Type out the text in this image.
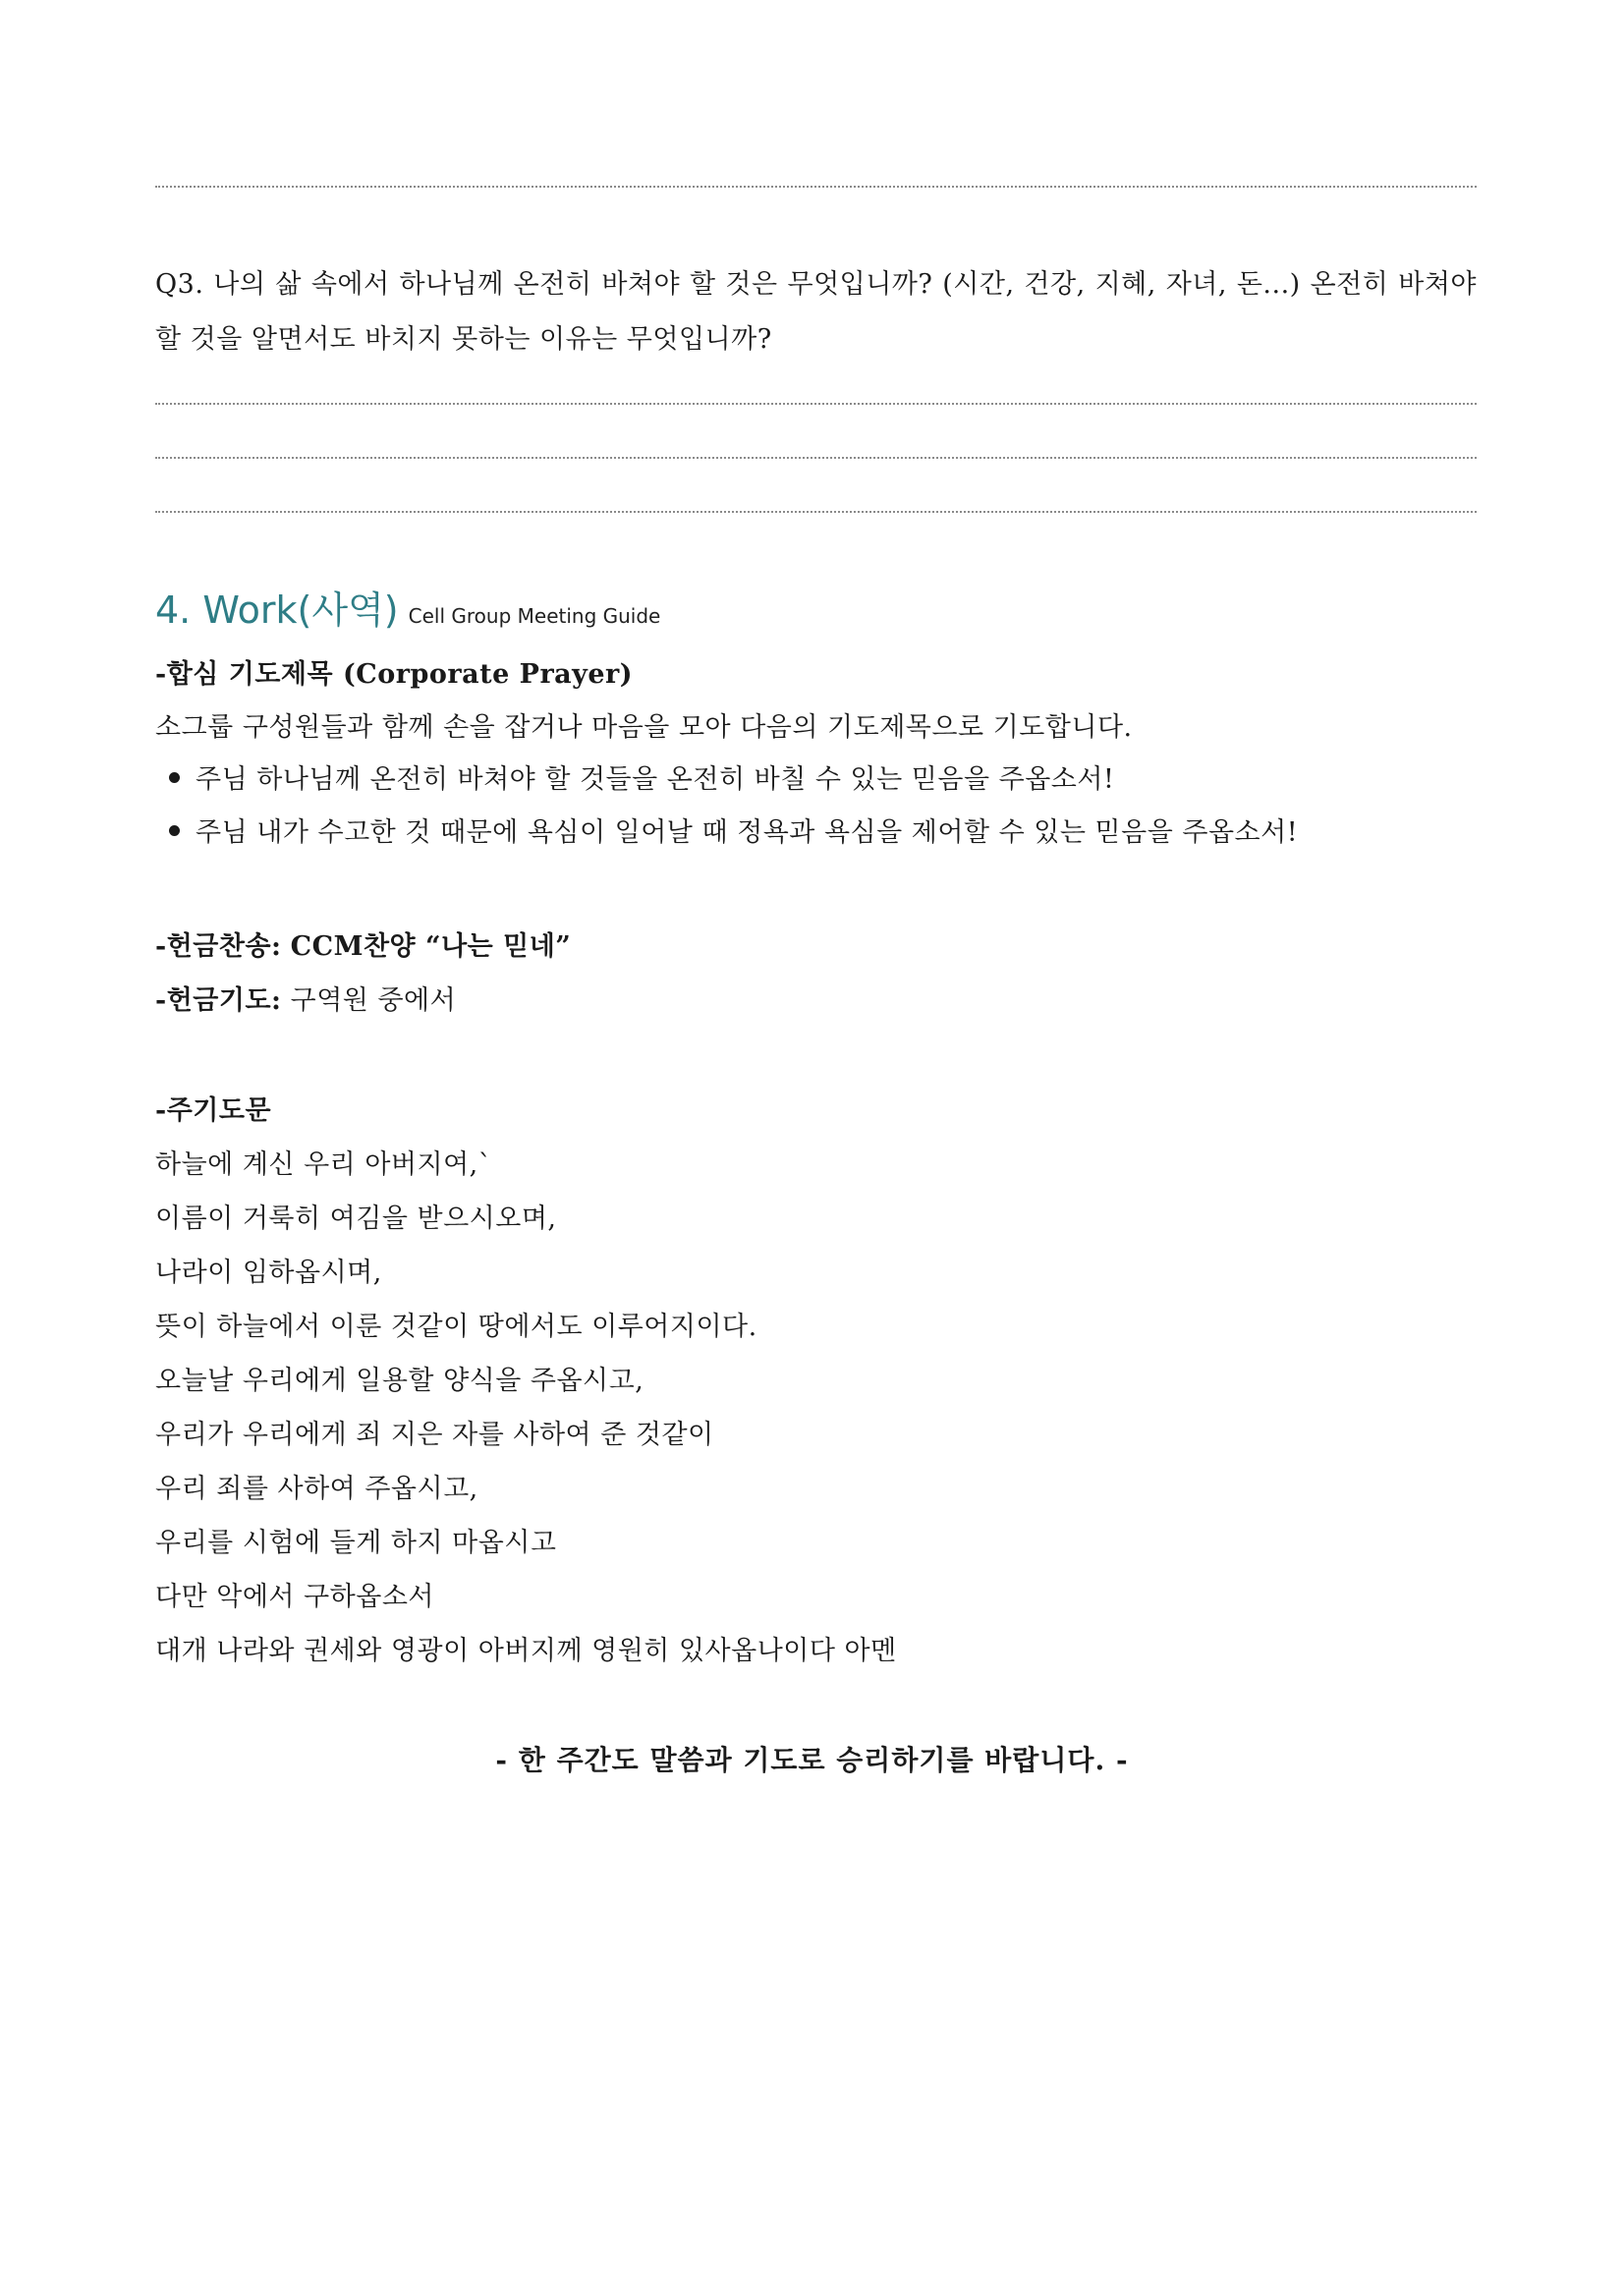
Q3. 나의 삶 속에서 하나님께 온전히 바쳐야 할 것은 무엇입니까? (시간, 건강, 지혜, 자녀, 돈...) 온전히 바쳐야 할 것을 알면서도 바치지 못하는 이유는 무엇입니까?
4. Work(사역) Cell Group Meeting Guide
-합심 기도제목 (Corporate Prayer)
소그룹 구성원들과 함께 손을 잡거나 마음을 모아 다음의 기도제목으로 기도합니다.
주님 하나님께 온전히 바쳐야 할 것들을 온전히 바칠 수 있는 믿음을 주옵소서!
주님 내가 수고한 것 때문에 욕심이 일어날 때 정욕과 욕심을 제어할 수 있는 믿음을 주옵소서!
-헌금찬송: CCM찬양 “나는 믿네”
-헌금기도: 구역원 중에서
-주기도문
하늘에 계신 우리 아버지여,`
이름이 거룩히 여김을 받으시오며,
나라이 임하옵시며,
뜻이 하늘에서 이룬 것같이 땅에서도 이루어지이다.
오늘날 우리에게 일용할 양식을 주옵시고,
우리가 우리에게 죄 지은 자를 사하여 준 것같이
우리 죄를 사하여 주옵시고,
우리를 시험에 들게 하지 마옵시고
다만 악에서 구하옵소서
대개 나라와 권세와 영광이 아버지께 영원히 있사옵나이다 아멘
- 한 주간도 말씀과 기도로 승리하기를 바랍니다. -
